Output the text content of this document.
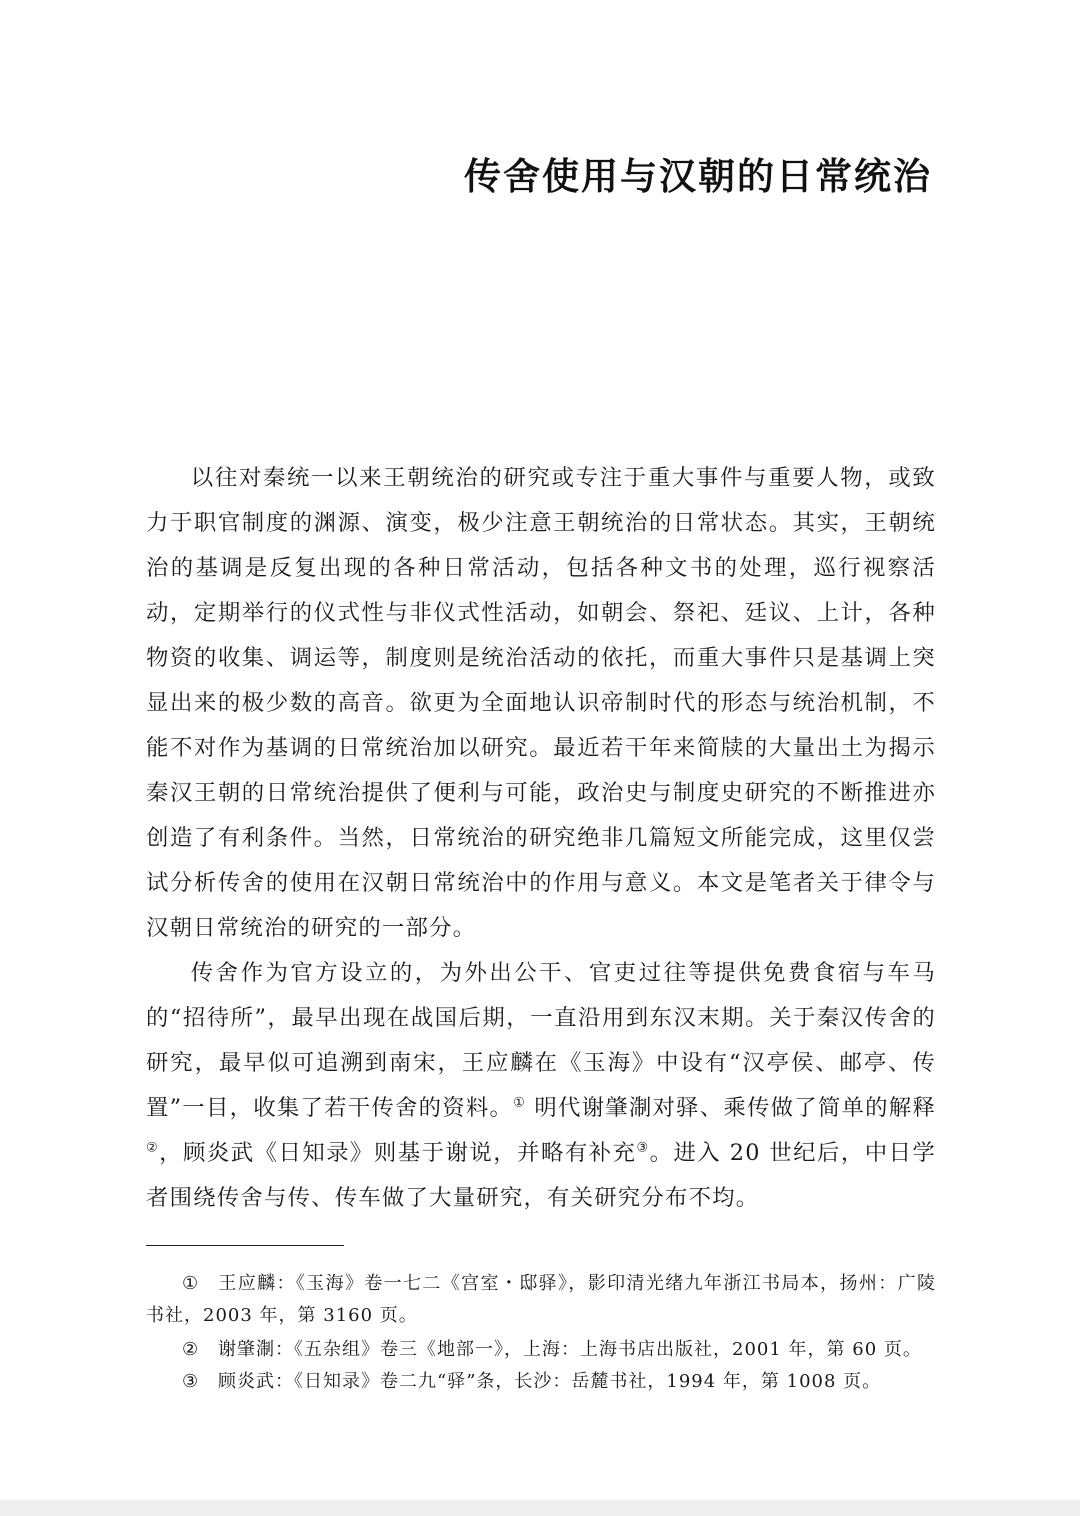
传舍使用与汉朝的日常统治

以往对秦统一以来王朝统治的研究或专注于重大事件与重要人物，或致力于职官制度的渊源、演变，极少注意王朝统治的日常状态。其实，王朝统治的基调是反复出现的各种日常活动，包括各种文书的处理，巡行视察活动，定期举行的仪式性与非仪式性活动，如朝会、祭祀、廷议、上计，各种物资的收集、调运等，制度则是统治活动的依托，而重大事件只是基调上突显出来的极少数的高音。欲更为全面地认识帝制时代的形态与统治机制，不能不对作为基调的日常统治加以研究。最近若干年来简牍的大量出土为揭示秦汉王朝的日常统治提供了便利与可能，政治史与制度史研究的不断推进亦创造了有利条件。当然，日常统治的研究绝非几篇短文所能完成，这里仅尝试分析传舍的使用在汉朝日常统治中的作用与意义。本文是笔者关于律令与汉朝日常统治的研究的一部分。

传舍作为官方设立的，为外出公干、官吏过往等提供免费食宿与车马的“招待所”，最早出现在战国后期，一直沿用到东汉末期。关于秦汉传舍的研究，最早似可追溯到南宋，王应麟在《玉海》中设有“汉亭侯、邮亭、传置”一目，收集了若干传舍的资料。① 明代谢肇淛对驿、乘传做了简单的解释②，顾炎武《日知录》则基于谢说，并略有补充③。进入 20 世纪后，中日学者围绕传舍与传、传车做了大量研究，有关研究分布不均。

① 王应麟：《玉海》卷一七二《宫室・邸驿》，影印清光绪九年浙江书局本，扬州：广陵书社，2003 年，第 3160 页。

② 谢肇淛：《五杂组》卷三《地部一》，上海：上海书店出版社，2001 年，第 60 页。

③ 顾炎武：《日知录》卷二九“驿”条，长沙：岳麓书社，1994 年，第 1008 页。
